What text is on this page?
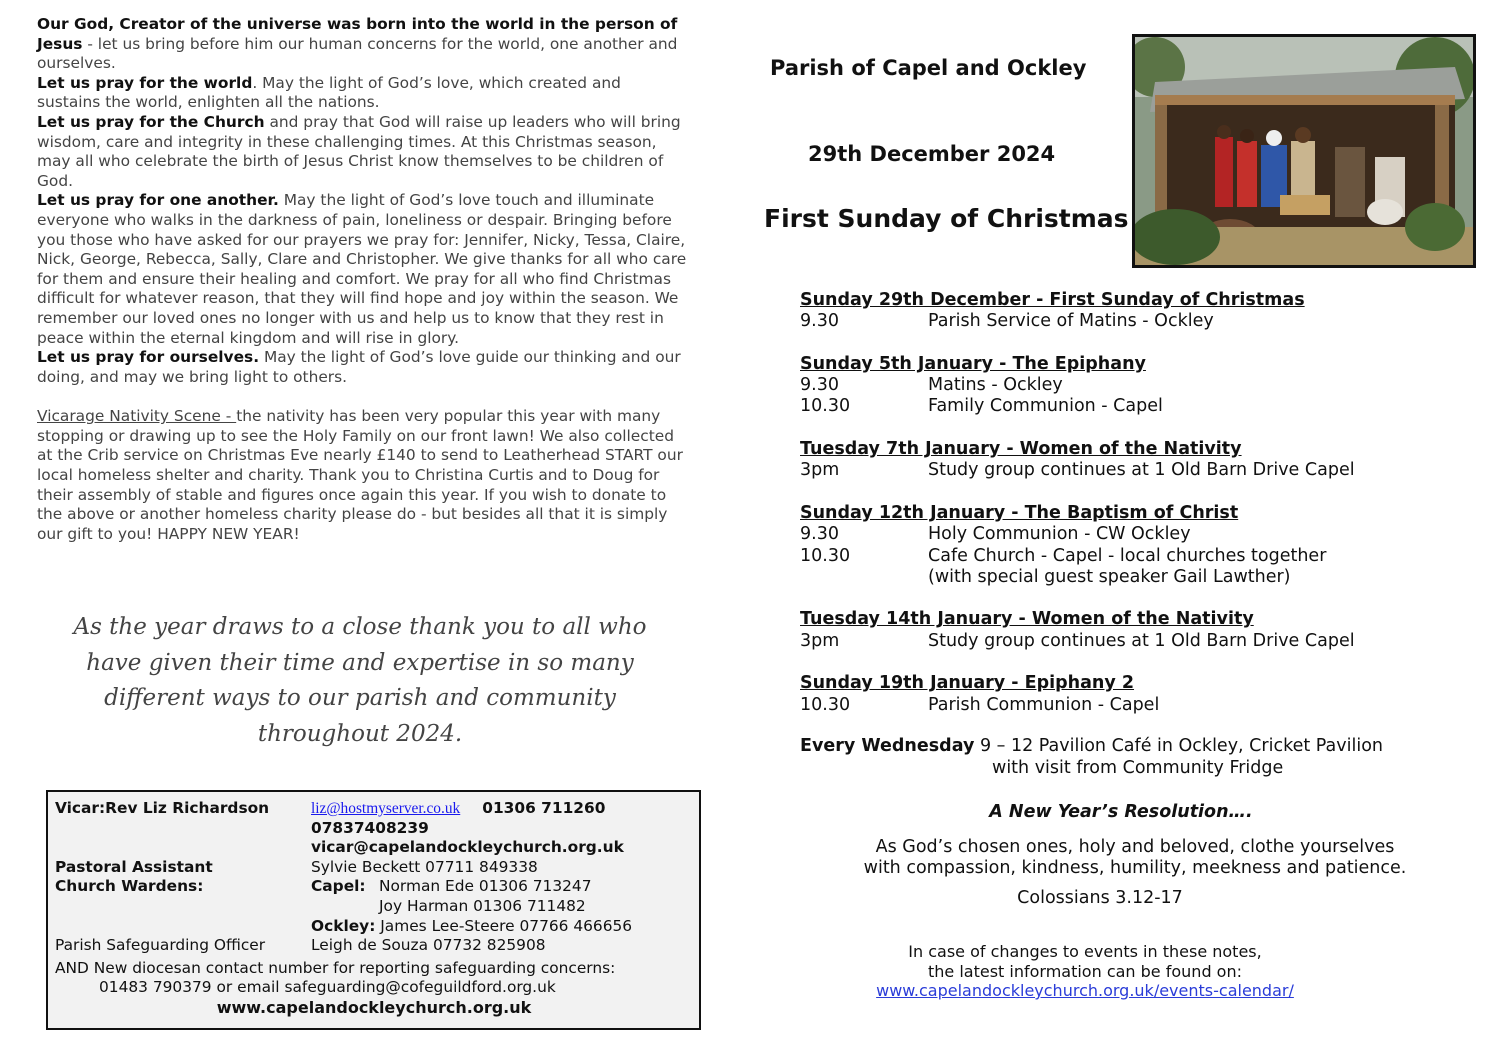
Our God, Creator of the universe was born into the world in the person of Jesus - let us bring before him our human concerns for the world, one another and ourselves.

Let us pray for the world. May the light of God’s love, which created and sustains the world, enlighten all the nations.

Let us pray for the Church and pray that God will raise up leaders who will bring wisdom, care and integrity in these challenging times. At this Christmas season, may all who celebrate the birth of Jesus Christ know themselves to be children of God.

Let us pray for one another. May the light of God’s love touch and illuminate everyone who walks in the darkness of pain, loneliness or despair. Bringing before you those who have asked for our prayers we pray for: Jennifer, Nicky, Tessa, Claire, Nick, George, Rebecca, Sally, Clare and Christopher. We give thanks for all who care for them and ensure their healing and comfort. We pray for all who find Christmas difficult for whatever reason, that they will find hope and joy within the season. We remember our loved ones no longer with us and help us to know that they rest in peace within the eternal kingdom and will rise in glory.

Let us pray for ourselves. May the light of God’s love guide our thinking and our doing, and may we bring light to others.

Vicarage Nativity Scene - the nativity has been very popular this year with many stopping or drawing up to see the Holy Family on our front lawn! We also collected at the Crib service on Christmas Eve nearly £140 to send to Leatherhead START our local homeless shelter and charity. Thank you to Christina Curtis and to Doug for their assembly of stable and figures once again this year. If you wish to donate to the above or another homeless charity please do - but besides all that it is simply our gift to you! HAPPY NEW YEAR!
As the year draws to a close thank you to all who
have given their time and expertise in so many
different ways to our parish and community
throughout 2024.
Vicar:Rev Liz Richardson	liz@hostmyserver.co.uk 01306 711260
07837408239
vicar@capelandockleychurch.org.uk
Pastoral Assistant	Sylvie Beckett 07711 849338
Church Wardens:	Capel: Norman Ede 01306 713247
Joy Harman 01306 711482
Ockley: James Lee-Steere 07766 466656
Parish Safeguarding Officer	Leigh de Souza 07732 825908
AND New diocesan contact number for reporting safeguarding concerns:
01483 790379 or email safeguarding@cofeguildford.org.uk
www.capelandockleychurch.org.uk
Parish of Capel and Ockley
29th December 2024
First Sunday of Christmas
Sunday 29th December - First Sunday of Christmas
9.30	Parish Service of Matins - Ockley
Sunday 5th January - The Epiphany
9.30	Matins - Ockley
10.30	Family Communion - Capel
Tuesday 7th January - Women of the Nativity
3pm	Study group continues at 1 Old Barn Drive Capel
Sunday 12th January - The Baptism of Christ
9.30	Holy Communion - CW Ockley
10.30	Cafe Church - Capel - local churches together
(with special guest speaker Gail Lawther)
Tuesday 14th January - Women of the Nativity
3pm	Study group continues at 1 Old Barn Drive Capel
Sunday 19th January - Epiphany 2
10.30	Parish Communion - Capel
Every Wednesday 9 – 12 Pavilion Café in Ockley, Cricket Pavilion
with visit from Community Fridge
A New Year’s Resolution….
As God’s chosen ones, holy and beloved, clothe yourselves
with compassion, kindness, humility, meekness and patience.
Colossians 3.12-17
In case of changes to events in these notes,
the latest information can be found on:
www.capelandockleychurch.org.uk/events-calendar/
